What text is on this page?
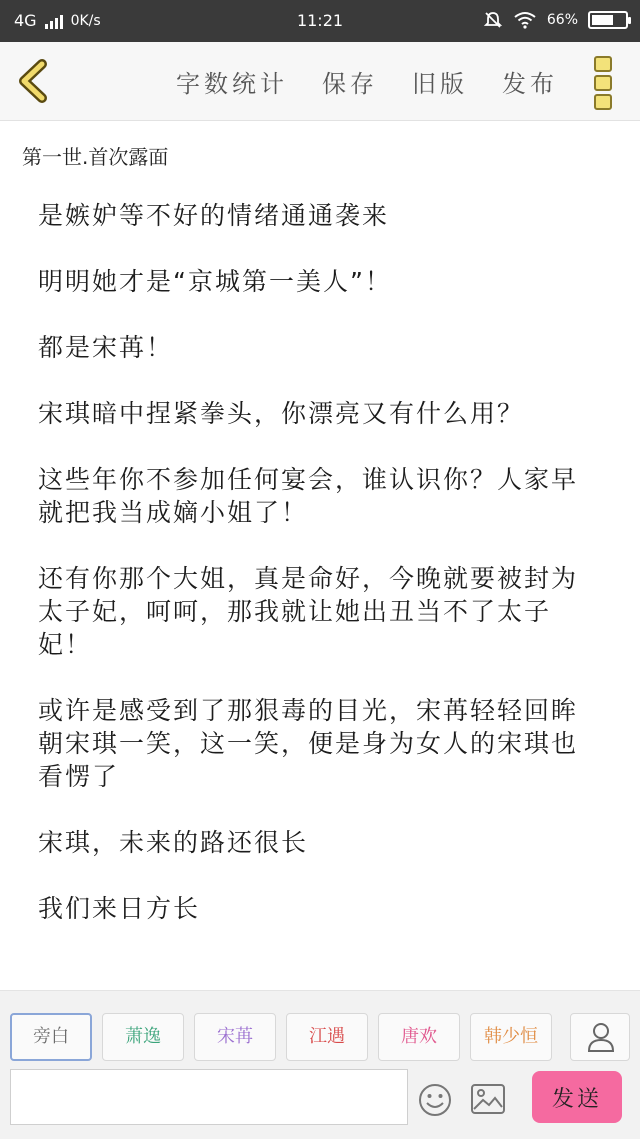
4G 0K/s	11:21	66%
字数统计 保存 旧版 发布
第一世.首次露面

是嫉妒等不好的情绪通通袭来

明明她才是“京城第一美人”！

都是宋苒！

宋琪暗中捏紧拳头，你漂亮又有什么用？

这些年你不参加任何宴会，谁认识你？人家早就把我当成嫡小姐了！

还有你那个大姐，真是命好，今晚就要被封为太子妃，呵呵，那我就让她出丑当不了太子妃！

或许是感受到了那狠毒的目光，宋苒轻轻回眸朝宋琪一笑，这一笑，便是身为女人的宋琪也看愣了

宋琪，未来的路还很长

我们来日方长

旁白	萧逸	宋苒	江遇	唐欢	韩少恒
发送
